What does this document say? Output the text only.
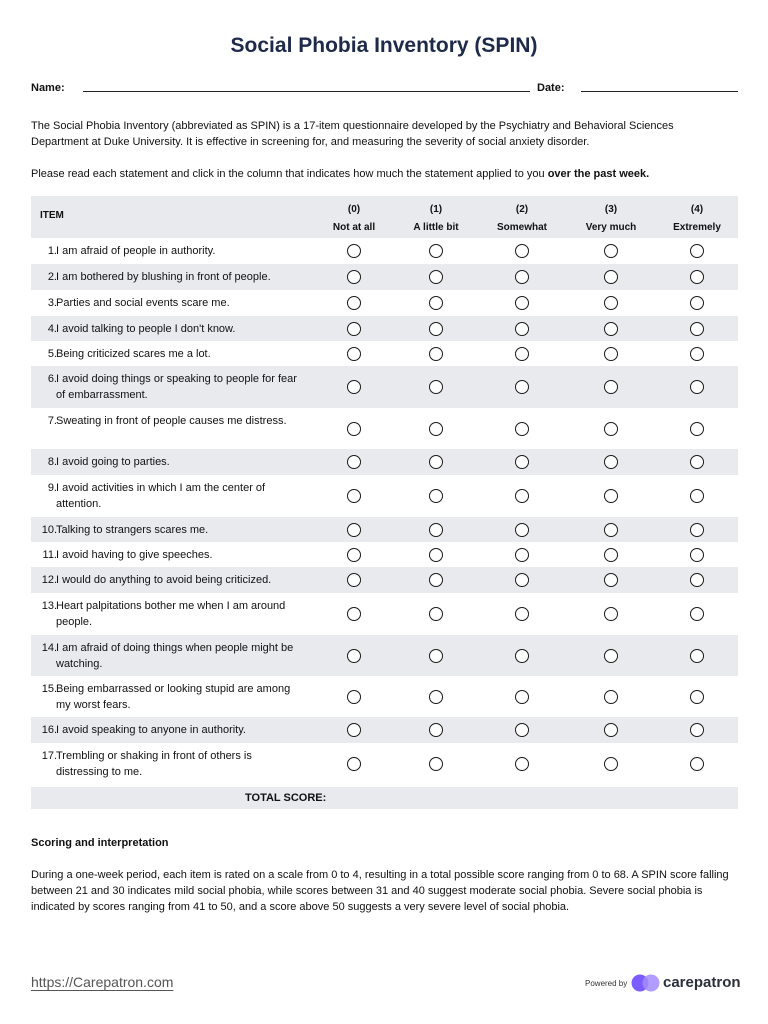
Social Phobia Inventory (SPIN)
Name:	Date:

The Social Phobia Inventory (abbreviated as SPIN) is a 17-item questionnaire developed by the Psychiatry and Behavioral Sciences Department at Duke University. It is effective in screening for, and measuring the severity of social anxiety disorder.

Please read each statement and click in the column that indicates how much the statement applied to you over the past week.

ITEM
(0)
Not at all
(1)
A little bit
(2)
Somewhat
(3)
Very much
(4)
Extremely
1. I am afraid of people in authority.
2. I am bothered by blushing in front of people.
3. Parties and social events scare me.
4. I avoid talking to people I don't know.
5. Being criticized scares me a lot.
6. I avoid doing things or speaking to people for fear of embarrassment.
7. Sweating in front of people causes me distress.
8. I avoid going to parties.
9. I avoid activities in which I am the center of attention.
10. Talking to strangers scares me.
11. I avoid having to give speeches.
12. I would do anything to avoid being criticized.
13. Heart palpitations bother me when I am around people.
14. I am afraid of doing things when people might be watching.
15. Being embarrassed or looking stupid are among my worst fears.
16. I avoid speaking to anyone in authority.
17. Trembling or shaking in front of others is distressing to me.
TOTAL SCORE:

Scoring and interpretation

During a one-week period, each item is rated on a scale from 0 to 4, resulting in a total possible score ranging from 0 to 68. A SPIN score falling between 21 and 30 indicates mild social phobia, while scores between 31 and 40 suggest moderate social phobia. Severe social phobia is indicated by scores ranging from 41 to 50, and a score above 50 suggests a very severe level of social phobia.

https://Carepatron.com	Powered by carepatron
